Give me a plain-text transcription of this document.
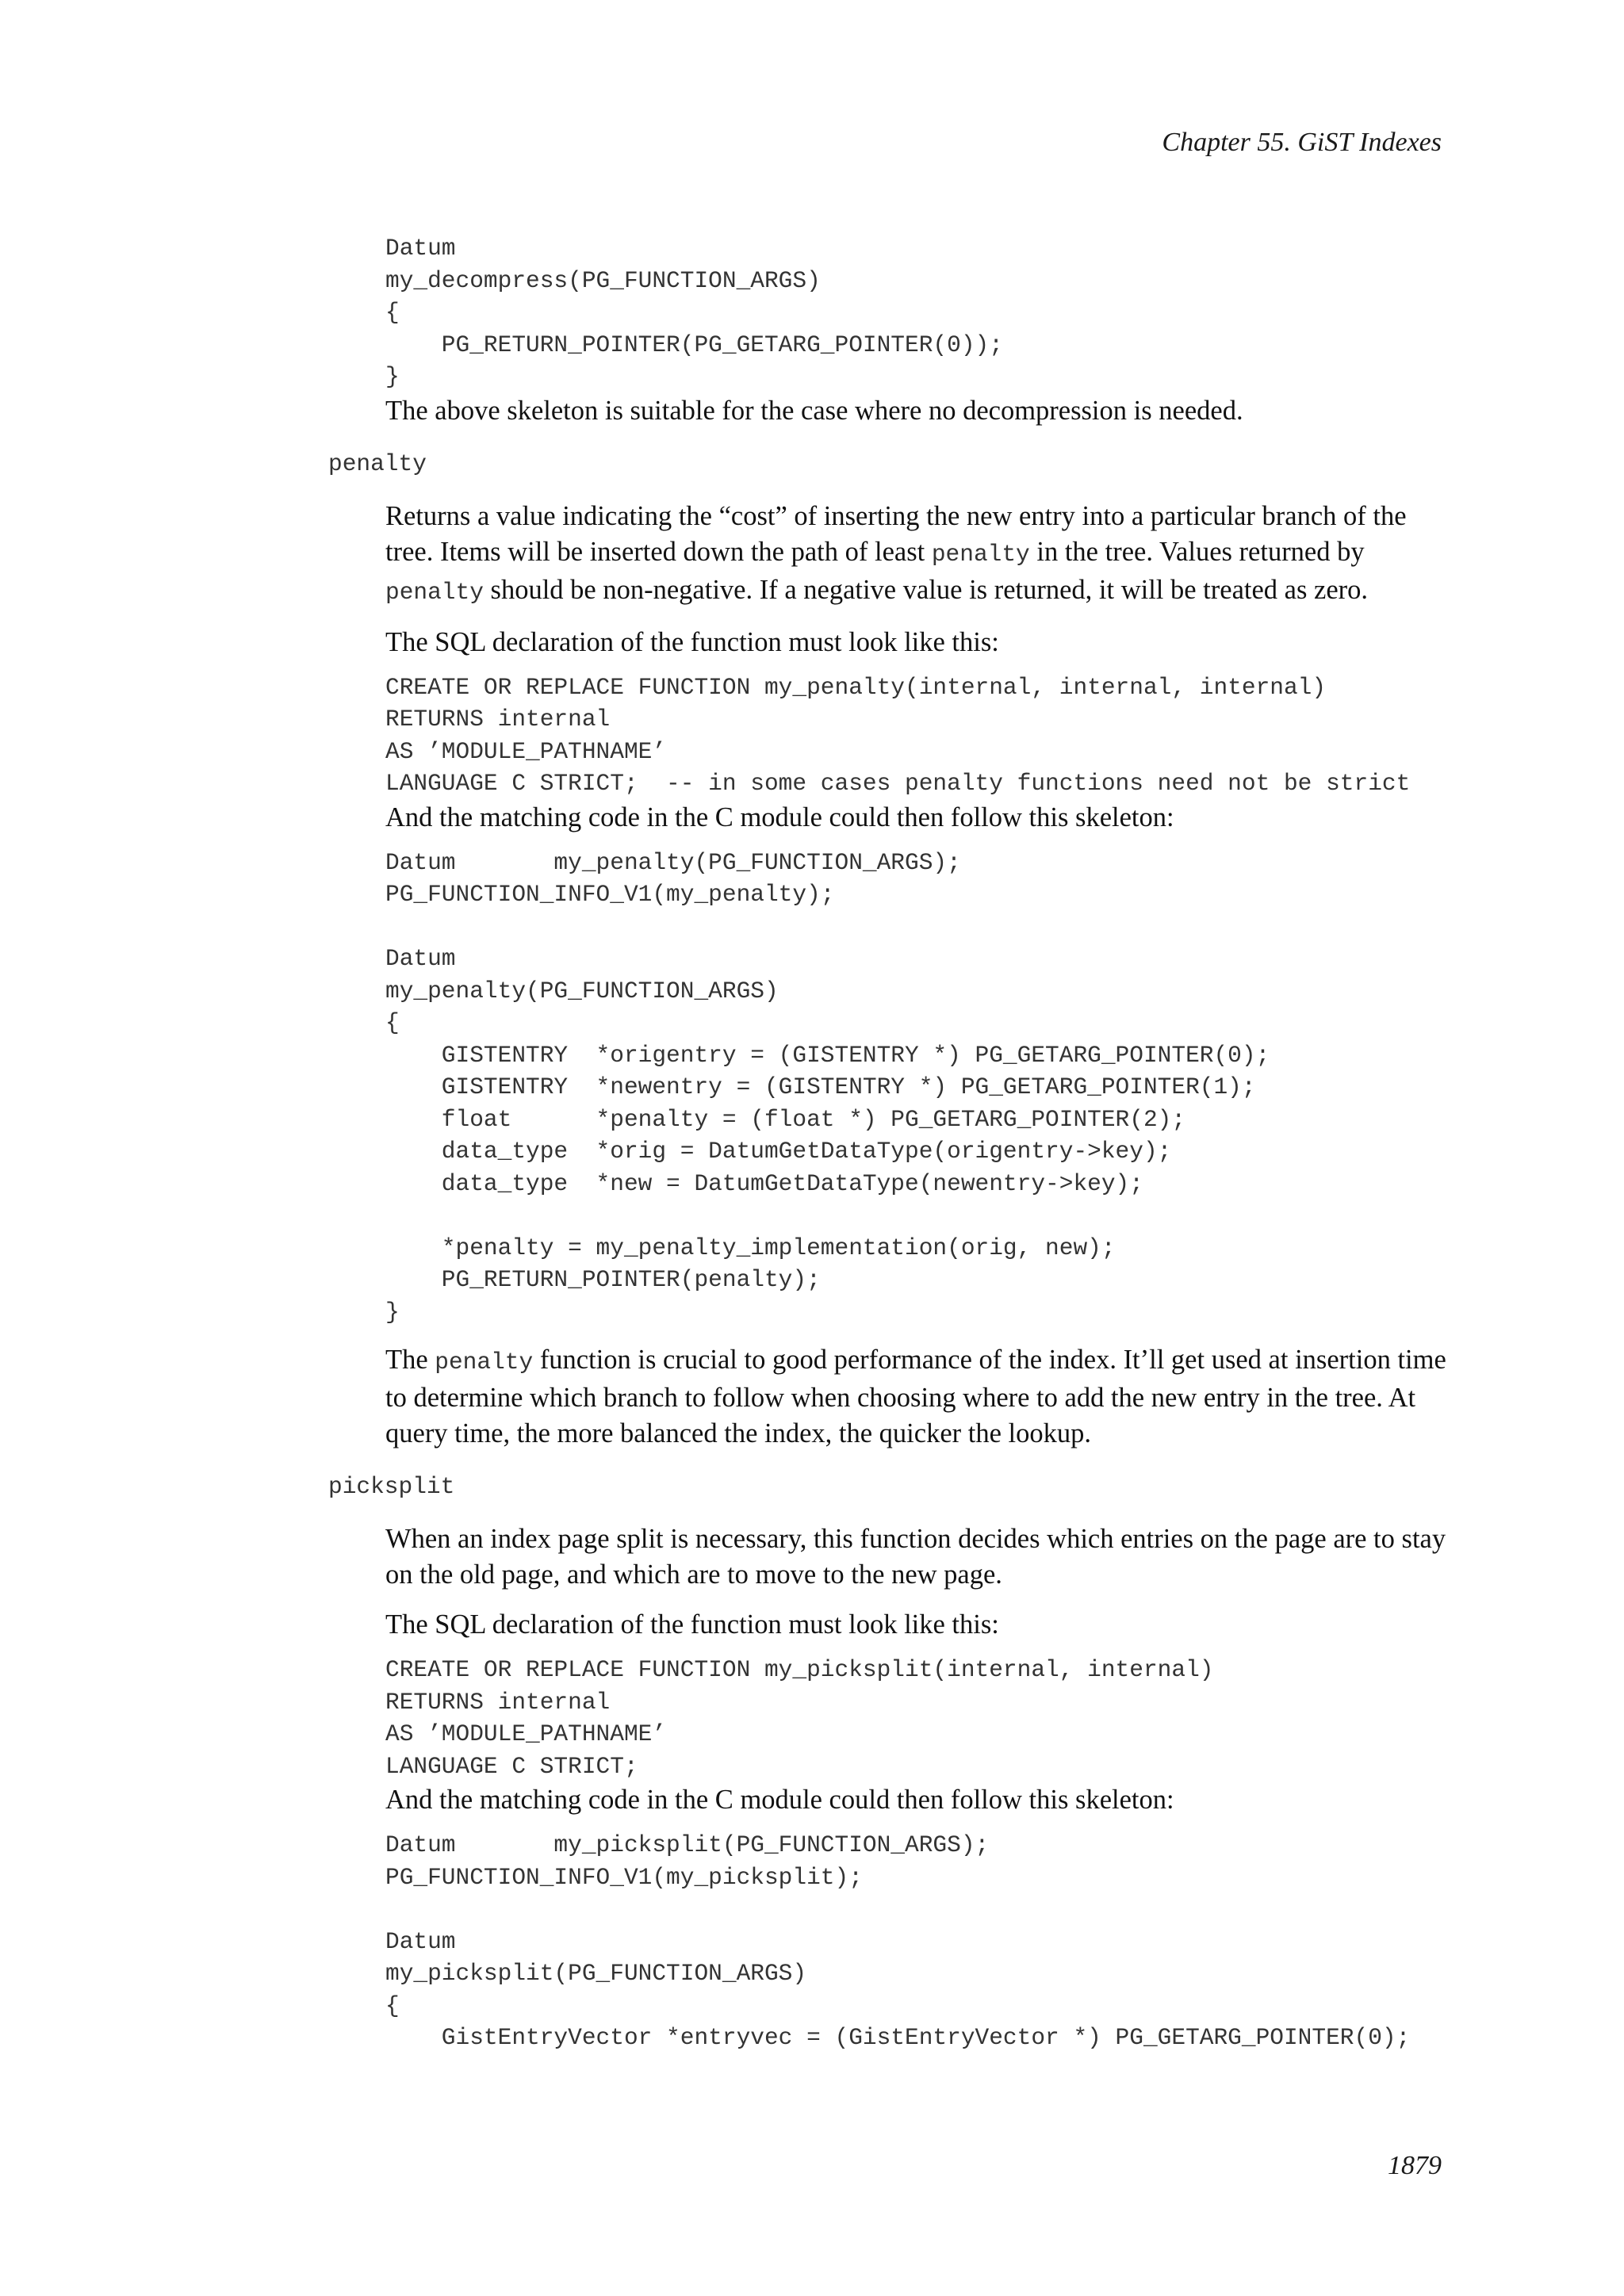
Chapter 55. GiST Indexes
Datum
my_decompress(PG_FUNCTION_ARGS)
{
PG_RETURN_POINTER(PG_GETARG_POINTER(0));
}

The above skeleton is suitable for the case where no decompression is needed.

penalty

Returns a value indicating the “cost” of inserting the new entry into a particular branch of the tree. Items will be inserted down the path of least penalty in the tree. Values returned by penalty should be non-negative. If a negative value is returned, it will be treated as zero.

The SQL declaration of the function must look like this:

CREATE OR REPLACE FUNCTION my_penalty(internal, internal, internal)
RETURNS internal
AS ’MODULE_PATHNAME’
LANGUAGE C STRICT;  -- in some cases penalty functions need not be strict

And the matching code in the C module could then follow this skeleton:

Datum       my_penalty(PG_FUNCTION_ARGS);
PG_FUNCTION_INFO_V1(my_penalty);

Datum
my_penalty(PG_FUNCTION_ARGS)
{
GISTENTRY  *origentry = (GISTENTRY *) PG_GETARG_POINTER(0);
GISTENTRY  *newentry = (GISTENTRY *) PG_GETARG_POINTER(1);
float      *penalty = (float *) PG_GETARG_POINTER(2);
data_type  *orig = DatumGetDataType(origentry->key);
data_type  *new = DatumGetDataType(newentry->key);

*penalty = my_penalty_implementation(orig, new);
PG_RETURN_POINTER(penalty);
}

The penalty function is crucial to good performance of the index. It’ll get used at insertion time to determine which branch to follow when choosing where to add the new entry in the tree. At query time, the more balanced the index, the quicker the lookup.

picksplit

When an index page split is necessary, this function decides which entries on the page are to stay on the old page, and which are to move to the new page.

The SQL declaration of the function must look like this:

CREATE OR REPLACE FUNCTION my_picksplit(internal, internal)
RETURNS internal
AS ’MODULE_PATHNAME’
LANGUAGE C STRICT;

And the matching code in the C module could then follow this skeleton:

Datum       my_picksplit(PG_FUNCTION_ARGS);
PG_FUNCTION_INFO_V1(my_picksplit);

Datum
my_picksplit(PG_FUNCTION_ARGS)
{
GistEntryVector *entryvec = (GistEntryVector *) PG_GETARG_POINTER(0);
1879
